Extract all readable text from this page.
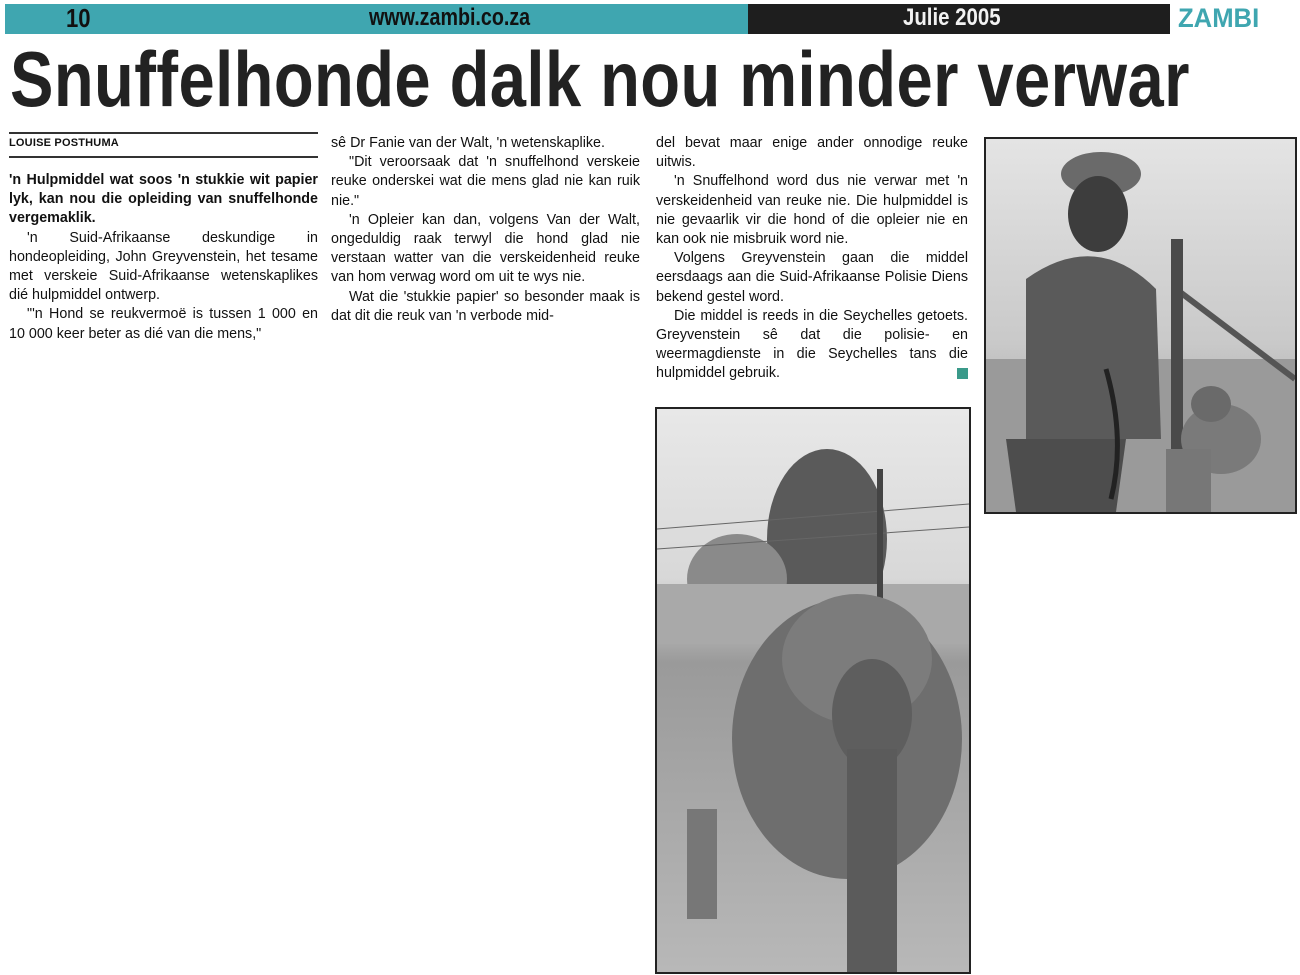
10	www.zambi.co.za	Julie 2005	ZAMBI
Snuffelhonde dalk nou minder verwar
LOUISE POSTHUMA

'n Hulpmiddel wat soos 'n stukkie wit papier lyk, kan nou die opleiding van snuffelhonde vergemaklik.

'n Suid-Afrikaanse deskundige in hondeopleiding, John Greyvenstein, het tesame met verskeie Suid-Afrikaanse wetenskaplikes dié hulpmiddel ontwerp.

"'n Hond se reukvermoë is tussen 1 000 en 10 000 keer beter as dié van die mens,"

sê Dr Fanie van der Walt, 'n wetenskaplike.

"Dit veroorsaak dat 'n snuffelhond verskeie reuke onderskei wat die mens glad nie kan ruik nie."

'n Opleier kan dan, volgens Van der Walt, ongeduldig raak terwyl die hond glad nie verstaan watter van die verskeidenheid reuke van hom verwag word om uit te wys nie.

Wat die 'stukkie papier' so besonder maak is dat dit die reuk van 'n verbode mid-

del bevat maar enige ander onnodige reuke uitwis.

'n Snuffelhond word dus nie verwar met 'n verskeidenheid van reuke nie. Die hulpmiddel is nie gevaarlik vir die hond of die opleier nie en kan ook nie misbruik word nie.

Volgens Greyvenstein gaan die middel eersdaags aan die Suid-Afrikaanse Polisie Diens bekend gestel word.

Die middel is reeds in die Seychelles getoets. Greyvenstein sê dat die polisie- en weermagdienste in die Seychelles tans die hulpmiddel gebruik.
